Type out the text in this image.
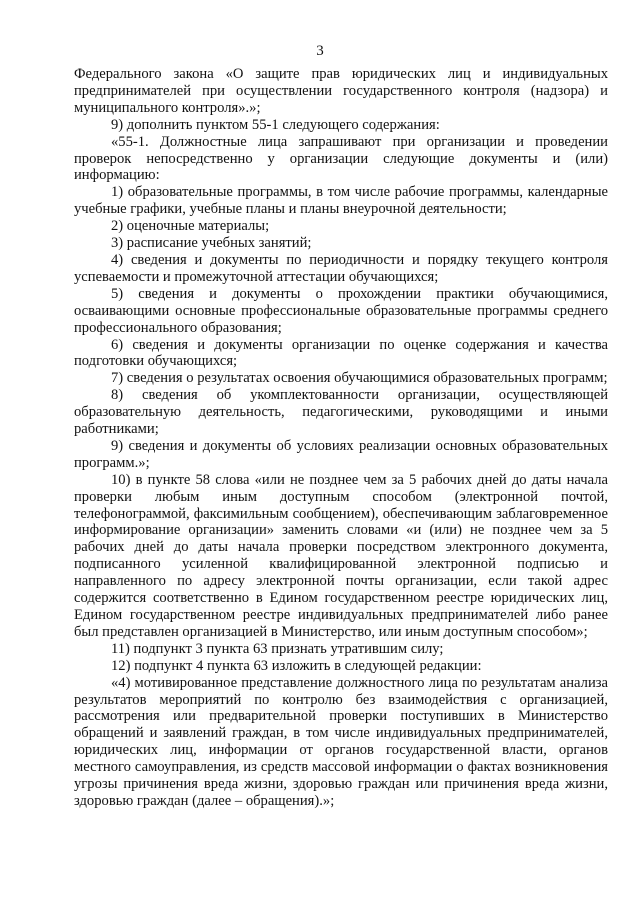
3

Федерального закона «О защите прав юридических лиц и индивидуальных предпринимателей при осуществлении государственного контроля (надзора) и муниципального контроля».»;

9) дополнить пунктом 55-1 следующего содержания:

«55-1. Должностные лица запрашивают при организации и проведении проверок непосредственно у организации следующие документы и (или) информацию:

1) образовательные программы, в том числе рабочие программы, календарные учебные графики, учебные планы и планы внеурочной деятельности;

2) оценочные материалы;

3) расписание учебных занятий;

4) сведения и документы по периодичности и порядку текущего контроля успеваемости и промежуточной аттестации обучающихся;

5) сведения и документы о прохождении практики обучающимися, осваивающими основные профессиональные образовательные программы среднего профессионального образования;

6) сведения и документы организации по оценке содержания и качества подготовки обучающихся;

7) сведения о результатах освоения обучающимися образовательных программ;

8) сведения об укомплектованности организации, осуществляющей образовательную деятельность, педагогическими, руководящими и иными работниками;

9) сведения и документы об условиях реализации основных образовательных программ.»;

10) в пункте 58 слова «или не позднее чем за 5 рабочих дней до даты начала проверки любым иным доступным способом (электронной почтой, телефонограммой, факсимильным сообщением), обеспечивающим заблаговременное информирование организации» заменить словами «и (или) не позднее чем за 5 рабочих дней до даты начала проверки посредством электронного документа, подписанного усиленной квалифицированной электронной подписью и направленного по адресу электронной почты организации, если такой адрес содержится соответственно в Едином государственном реестре юридических лиц, Едином государственном реестре индивидуальных предпринимателей либо ранее был представлен организацией в Министерство, или иным доступным способом»;

11) подпункт 3 пункта 63 признать утратившим силу;

12) подпункт 4 пункта 63 изложить в следующей редакции:

«4) мотивированное представление должностного лица по результатам анализа результатов мероприятий по контролю без взаимодействия с организацией, рассмотрения или предварительной проверки поступивших в Министерство обращений и заявлений граждан, в том числе индивидуальных предпринимателей, юридических лиц, информации от органов государственной власти, органов местного самоуправления, из средств массовой информации о фактах возникновения угрозы причинения вреда жизни, здоровью граждан или причинения вреда жизни, здоровью граждан (далее – обращения).»;
